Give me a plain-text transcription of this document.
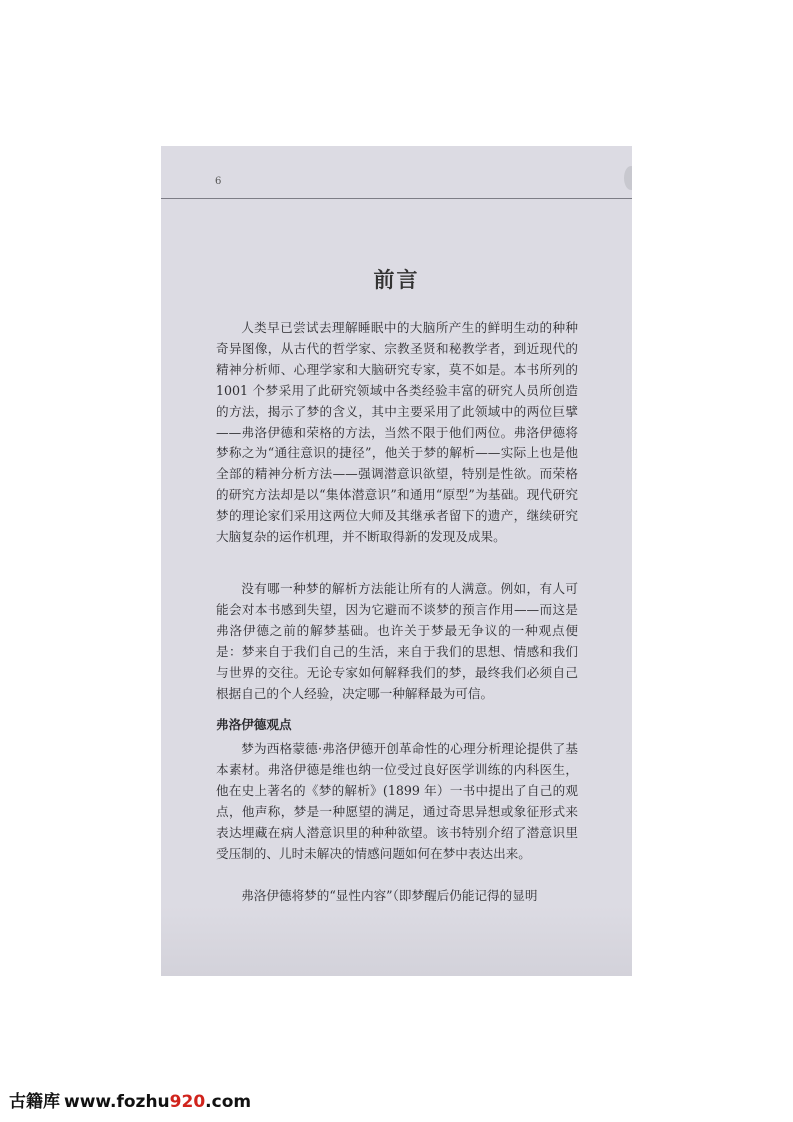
6
前言

人类早已尝试去理解睡眠中的大脑所产生的鲜明生动的种种奇异图像，从古代的哲学家、宗教圣贤和秘教学者，到近现代的精神分析师、心理学家和大脑研究专家，莫不如是。本书所列的 1001 个梦采用了此研究领域中各类经验丰富的研究人员所创造的方法，揭示了梦的含义，其中主要采用了此领域中的两位巨擘——弗洛伊德和荣格的方法，当然不限于他们两位。弗洛伊德将梦称之为“通往意识的捷径”，他关于梦的解析——实际上也是他全部的精神分析方法——强调潜意识欲望，特别是性欲。而荣格的研究方法却是以“集体潜意识”和通用“原型”为基础。现代研究梦的理论家们采用这两位大师及其继承者留下的遗产，继续研究大脑复杂的运作机理，并不断取得新的发现及成果。

没有哪一种梦的解析方法能让所有的人满意。例如，有人可能会对本书感到失望，因为它避而不谈梦的预言作用——而这是弗洛伊德之前的解梦基础。也许关于梦最无争议的一种观点便是：梦来自于我们自己的生活，来自于我们的思想、情感和我们与世界的交往。无论专家如何解释我们的梦，最终我们必须自己根据自己的个人经验，决定哪一种解释最为可信。

弗洛伊德观点

梦为西格蒙德·弗洛伊德开创革命性的心理分析理论提供了基本素材。弗洛伊德是维也纳一位受过良好医学训练的内科医生，他在史上著名的《梦的解析》(1899 年）一书中提出了自己的观点，他声称，梦是一种愿望的满足，通过奇思异想或象征形式来表达埋藏在病人潜意识里的种种欲望。该书特别介绍了潜意识里受压制的、儿时未解决的情感问题如何在梦中表达出来。

弗洛伊德将梦的“显性内容”（即梦醒后仍能记得的显明

古籍库 www.fozhu920.com
